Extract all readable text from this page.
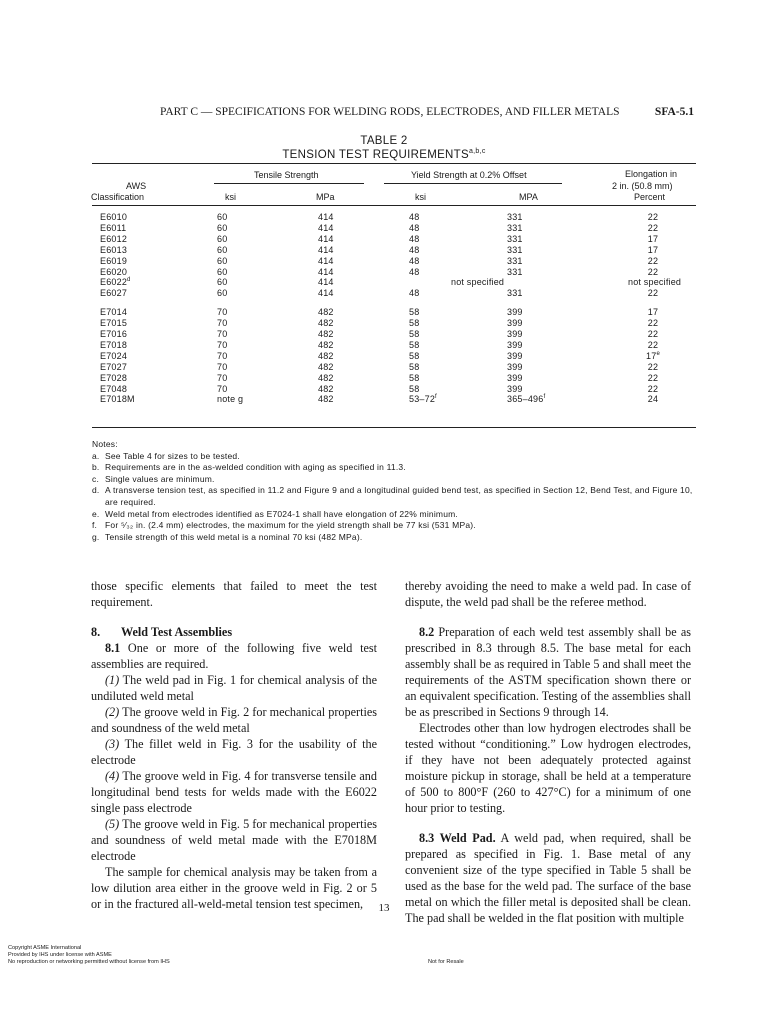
PART C — SPECIFICATIONS FOR WELDING RODS, ELECTRODES, AND FILLER METALS	SFA-5.1
TABLE 2
TENSION TEST REQUIREMENTS$^{a,b,c}$
AWS
Classification
Tensile Strength	Yield Strength at 0.2% Offset	Elongation in
2 in. (50.8 mm)
Percent
ksi	MPa	ksi	MPA
E6010	60	414	48	331	22
E6011	60	414	48	331	22
E6012	60	414	48	331	17
E6013	60	414	48	331	17
E6019	60	414	48	331	22
E6020	60	414	48	331	22
E6022$^d$	60	414	not specified	not specified
E6027	60	414	48	331	22
E7014	70	482	58	399	17
E7015	70	482	58	399	22
E7016	70	482	58	399	22
E7018	70	482	58	399	22
E7024	70	482	58	399	17e
E7027	70	482	58	399	22
E7028	70	482	58	399	22
E7048	70	482	58	399	22
E7018M	note g	482	53–72$^f$	365–496$^f$	24
Notes:
a. See Table 4 for sizes to be tested.
b. Requirements are in the as-welded condition with aging as specified in 11.3.
c. Single values are minimum.
d. A transverse tension test, as specified in 11.2 and Figure 9 and a longitudinal guided bend test, as specified in Section 12, Bend Test, and Figure 10, are required.
e. Weld metal from electrodes identified as E7024-1 shall have elongation of 22% minimum.
f. For ⁵⁄₃₂ in. (2.4 mm) electrodes, the maximum for the yield strength shall be 77 ksi (531 MPa).
g. Tensile strength of this weld metal is a nominal 70 ksi (482 MPa).

those specific elements that failed to meet the test requirement.

8. Weld Test Assemblies

8.1 One or more of the following five weld test assemblies are required.

(1) The weld pad in Fig. 1 for chemical analysis of the undiluted weld metal

(2) The groove weld in Fig. 2 for mechanical properties and soundness of the weld metal

(3) The fillet weld in Fig. 3 for the usability of the electrode

(4) The groove weld in Fig. 4 for transverse tensile and longitudinal bend tests for welds made with the E6022 single pass electrode

(5) The groove weld in Fig. 5 for mechanical properties and soundness of weld metal made with the E7018M electrode

The sample for chemical analysis may be taken from a low dilution area either in the groove weld in Fig. 2 or 5 or in the fractured all-weld-metal tension test specimen,

thereby avoiding the need to make a weld pad. In case of dispute, the weld pad shall be the referee method.

8.2 Preparation of each weld test assembly shall be as prescribed in 8.3 through 8.5. The base metal for each assembly shall be as required in Table 5 and shall meet the requirements of the ASTM specification shown there or an equivalent specification. Testing of the assemblies shall be as prescribed in Sections 9 through 14.

Electrodes other than low hydrogen electrodes shall be tested without “conditioning.” Low hydrogen electrodes, if they have not been adequately protected against moisture pickup in storage, shall be held at a temperature of 500 to 800°F (260 to 427°C) for a minimum of one hour prior to testing.

8.3 Weld Pad. A weld pad, when required, shall be prepared as specified in Fig. 1. Base metal of any convenient size of the type specified in Table 5 shall be used as the base for the weld pad. The surface of the base metal on which the filler metal is deposited shall be clean. The pad shall be welded in the flat position with multiple

13
Copyright ASME International
Provided by IHS under license with ASME
No reproduction or networking permitted without license from IHS	Not for Resale
